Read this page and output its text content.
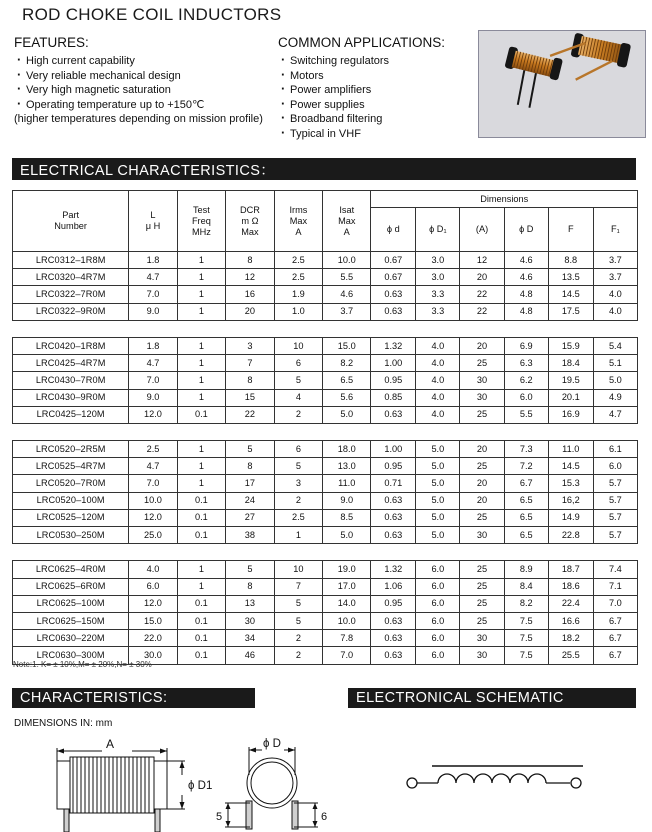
ROD CHOKE COIL INDUCTORS
FEATURES:
· High current capability
· Very reliable mechanical design
· Very high magnetic saturation
· Operating temperature up to +150℃
(higher temperatures depending on mission profile)
COMMON APPLICATIONS:
· Switching regulators
· Motors
· Power amplifiers
· Power supplies
· Broadband filtering
· Typical in VHF
ELECTRICAL CHARACTERISTICS：
Part
Number

L
μ H

Test
Freq
MHz

DCR
m Ω
Max

Irms
Max
A

Isat
Max
A
	Dimensions
						ϕ d	ϕ D₁	(A)	ϕ D	F	F₁
LRC0312–1R8M	1.8	1	8	2.5	10.0	0.67	3.0	12	4.6	8.8	3.7
LRC0320–4R7M	4.7	1	12	2.5	5.5	0.67	3.0	20	4.6	13.5	3.7
LRC0322–7R0M	7.0	1	16	1.9	4.6	0.63	3.3	22	4.8	14.5	4.0
LRC0322–9R0M	9.0	1	20	1.0	3.7	0.63	3.3	22	4.8	17.5	4.0

LRC0420–1R8M	1.8	1	3	10	15.0	1.32	4.0	20	6.9	15.9	5.4
LRC0425–4R7M	4.7	1	7	6	8.2	1.00	4.0	25	6.3	18.4	5.1
LRC0430–7R0M	7.0	1	8	5	6.5	0.95	4.0	30	6.2	19.5	5.0
LRC0430–9R0M	9.0	1	15	4	5.6	0.85	4.0	30	6.0	20.1	4.9
LRC0425–120M	12.0	0.1	22	2	5.0	0.63	4.0	25	5.5	16.9	4.7

LRC0520–2R5M	2.5	1	5	6	18.0	1.00	5.0	20	7.3	11.0	6.1
LRC0525–4R7M	4.7	1	8	5	13.0	0.95	5.0	25	7.2	14.5	6.0
LRC0520–7R0M	7.0	1	17	3	11.0	0.71	5.0	20	6.7	15.3	5.7
LRC0520–100M	10.0	0.1	24	2	9.0	0.63	5.0	20	6.5	16,2	5.7
LRC0525–120M	12.0	0.1	27	2.5	8.5	0.63	5.0	25	6.5	14.9	5.7
LRC0530–250M	25.0	0.1	38	1	5.0	0.63	5.0	30	6.5	22.8	5.7

LRC0625–4R0M	4.0	1	5	10	19.0	1.32	6.0	25	8.9	18.7	7.4
LRC0625–6R0M	6.0	1	8	7	17.0	1.06	6.0	25	8.4	18.6	7.1
LRC0625–100M	12.0	0.1	13	5	14.0	0.95	6.0	25	8.2	22.4	7.0
LRC0625–150M	15.0	0.1	30	5	10.0	0.63	6.0	25	7.5	16.6	6.7
LRC0630–220M	22.0	0.1	34	2	7.8	0.63	6.0	30	7.5	18.2	6.7
LRC0630–300M	30.0	0.1	46	2	7.0	0.63	6.0	30	7.5	25.5	6.7
Note:1. K= ± 10%,M= ± 20%,N= ± 30%
CHARACTERISTICS:	ELECTRONICAL SCHEMATIC
DIMENSIONS IN: mm
A
ϕ D1
ϕ D
5	6
